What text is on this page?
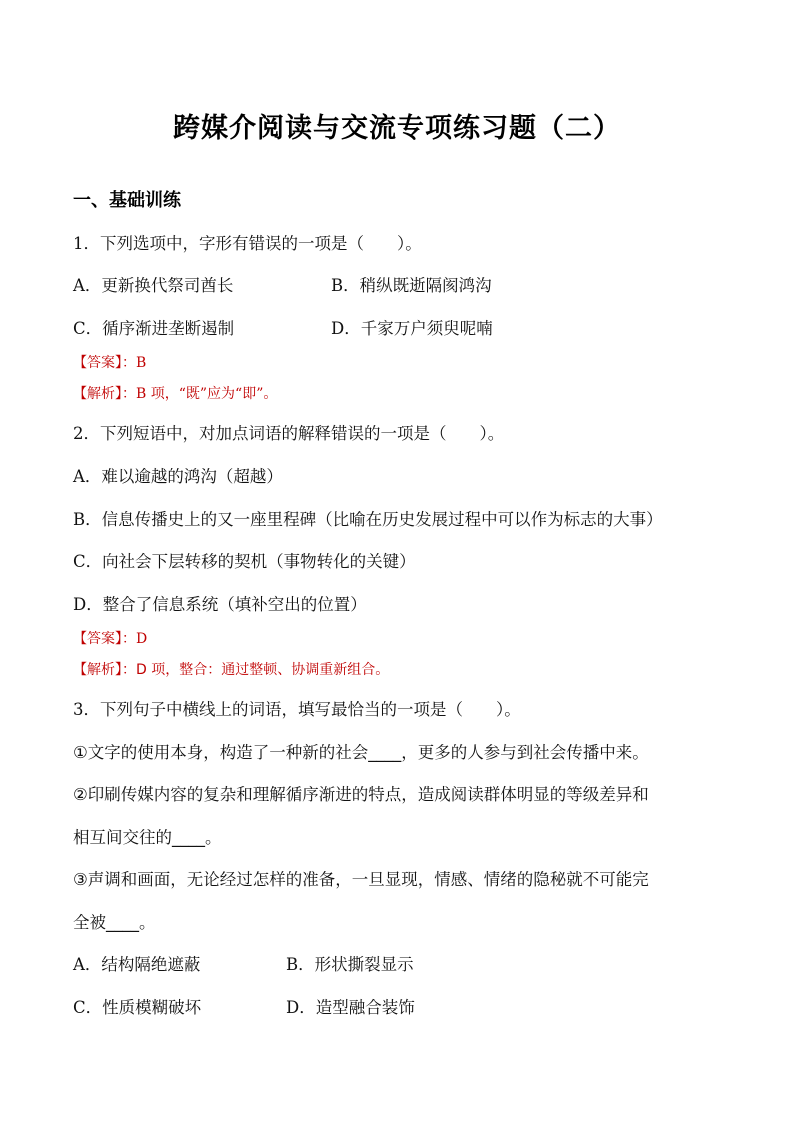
跨媒介阅读与交流专项练习题（二）
一、基础训练
1．下列选项中，字形有错误的一项是（　　）。
A．更新换代祭司酋长	B．稍纵既逝隔阂鸿沟
C．循序渐进垄断遏制	D．千家万户须臾呢喃
【答案】：B
【解析】：B 项，“既”应为“即”。
2．下列短语中，对加点词语的解释错误的一项是（　　）。
A．难以逾越的鸿沟（超越）
B．信息传播史上的又一座里程碑（比喻在历史发展过程中可以作为标志的大事）
C．向社会下层转移的契机（事物转化的关键）
D．整合了信息系统（填补空出的位置）
【答案】：D
【解析】：D 项，整合：通过整顿、协调重新组合。
3．下列句子中横线上的词语，填写最恰当的一项是（　　）。
①文字的使用本身，构造了一种新的社会____，更多的人参与到社会传播中来。
②印刷传媒内容的复杂和理解循序渐进的特点，造成阅读群体明显的等级差异和
相互间交往的____。
③声调和画面，无论经过怎样的准备，一旦显现，情感、情绪的隐秘就不可能完
全被____。
A．结构隔绝遮蔽	B．形状撕裂显示
C．性质模糊破坏	D．造型融合装饰
